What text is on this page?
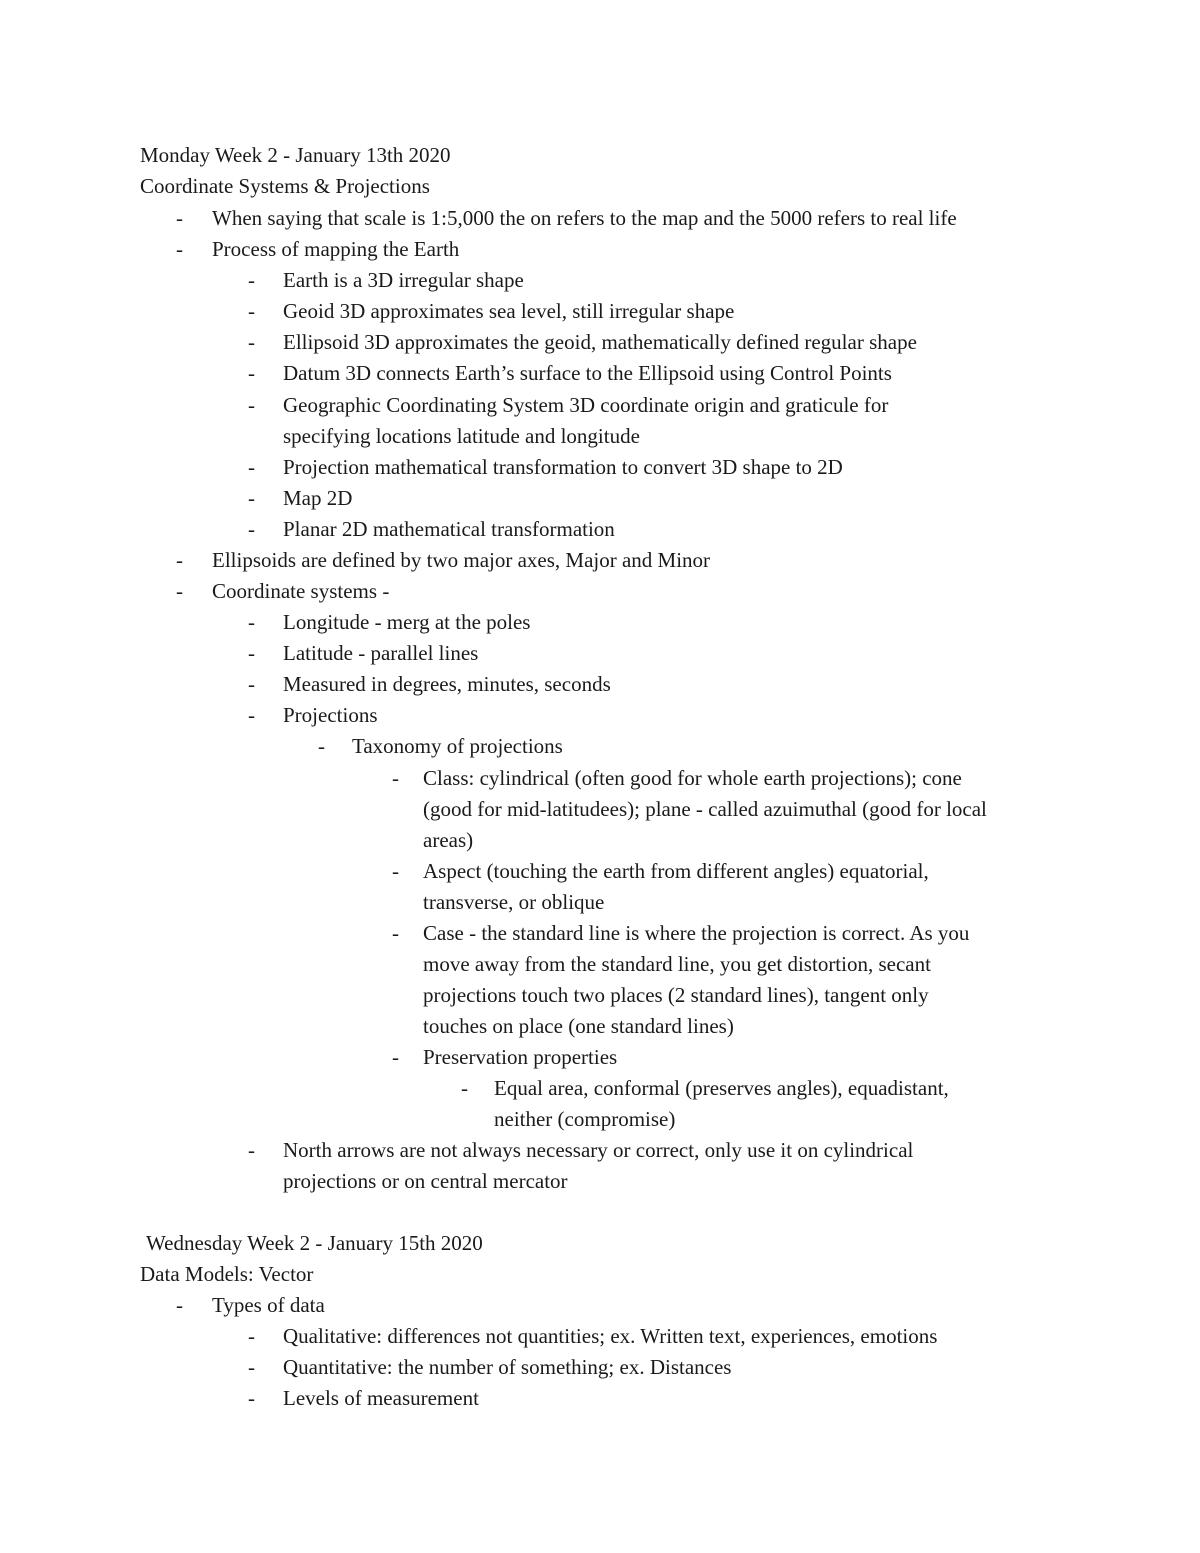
Monday Week 2 - January 13th 2020
Coordinate Systems & Projections
- When saying that scale is 1:5,000 the on refers to the map and the 5000 refers to real life
- Process of mapping the Earth
- Earth is a 3D irregular shape
- Geoid 3D approximates sea level, still irregular shape
- Ellipsoid 3D approximates the geoid, mathematically defined regular shape
- Datum 3D connects Earth’s surface to the Ellipsoid using Control Points
- Geographic Coordinating System 3D coordinate origin and graticule for
specifying locations latitude and longitude
- Projection mathematical transformation to convert 3D shape to 2D
- Map 2D
- Planar 2D mathematical transformation
- Ellipsoids are defined by two major axes, Major and Minor
- Coordinate systems -
- Longitude - merg at the poles
- Latitude - parallel lines
- Measured in degrees, minutes, seconds
- Projections
- Taxonomy of projections
- Class: cylindrical (often good for whole earth projections); cone
(good for mid-latitudees); plane - called azuimuthal (good for local
areas)
- Aspect (touching the earth from different angles) equatorial,
transverse, or oblique
- Case - the standard line is where the projection is correct. As you
move away from the standard line, you get distortion, secant
projections touch two places (2 standard lines), tangent only
touches on place (one standard lines)
- Preservation properties
- Equal area, conformal (preserves angles), equadistant,
neither (compromise)
- North arrows are not always necessary or correct, only use it on cylindrical
projections or on central mercator
Wednesday Week 2 - January 15th 2020
Data Models: Vector
- Types of data
- Qualitative: differences not quantities; ex. Written text, experiences, emotions
- Quantitative: the number of something; ex. Distances
- Levels of measurement
